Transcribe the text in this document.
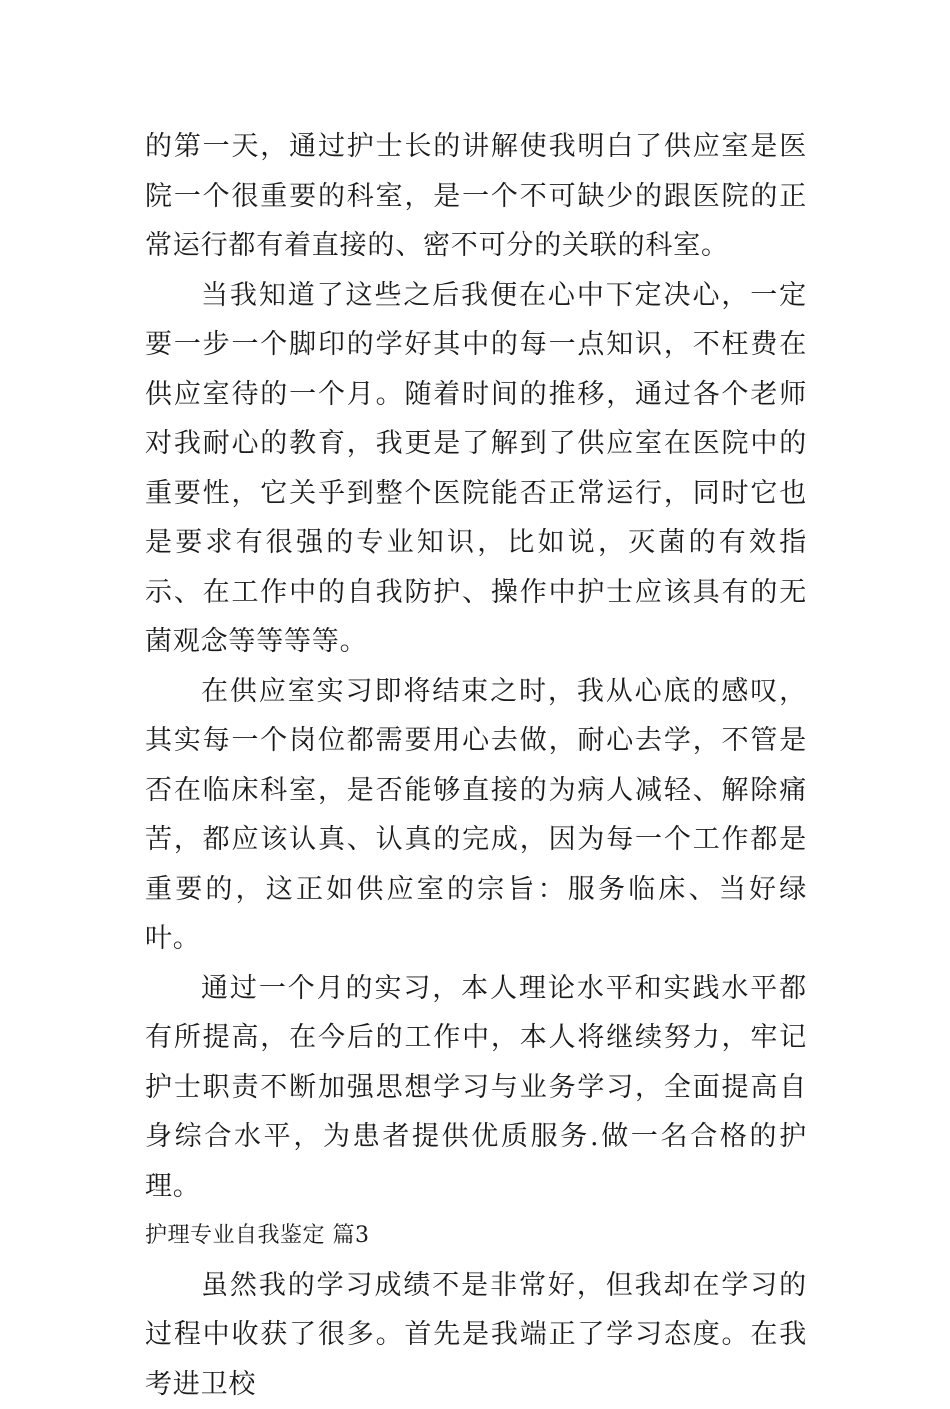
的第一天，通过护士长的讲解使我明白了供应室是医院一个很重要的科室，是一个不可缺少的跟医院的正常运行都有着直接的、密不可分的关联的科室。

当我知道了这些之后我便在心中下定决心，一定要一步一个脚印的学好其中的每一点知识，不枉费在供应室待的一个月。随着时间的推移，通过各个老师对我耐心的教育，我更是了解到了供应室在医院中的重要性，它关乎到整个医院能否正常运行，同时它也是要求有很强的专业知识，比如说，灭菌的有效指示、在工作中的自我防护、操作中护士应该具有的无菌观念等等等等。

在供应室实习即将结束之时，我从心底的感叹，其实每一个岗位都需要用心去做，耐心去学，不管是否在临床科室，是否能够直接的为病人减轻、解除痛苦，都应该认真、认真的完成，因为每一个工作都是重要的，这正如供应室的宗旨：服务临床、当好绿叶。

通过一个月的实习，本人理论水平和实践水平都有所提高，在今后的工作中，本人将继续努力，牢记护士职责不断加强思想学习与业务学习，全面提高自身综合水平，为患者提供优质服务.做一名合格的护理。

护理专业自我鉴定 篇3

虽然我的学习成绩不是非常好，但我却在学习的过程中收获了很多。首先是我端正了学习态度。在我考进卫校
